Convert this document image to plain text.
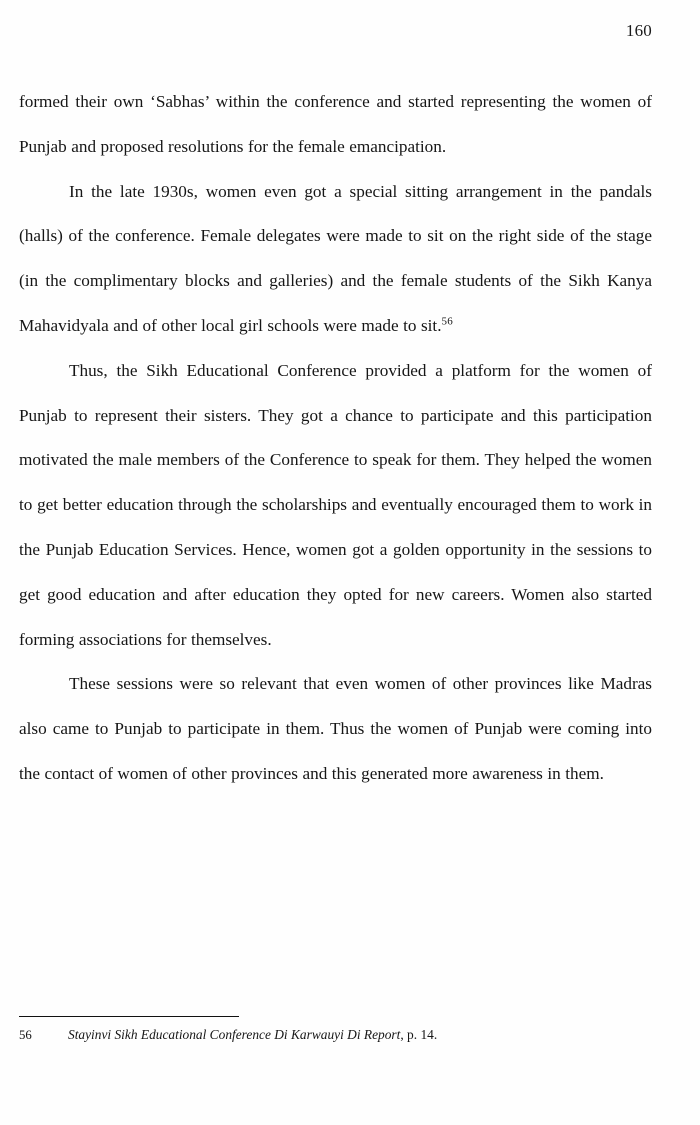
160

formed their own ‘Sabhas’ within the conference and started representing the women of Punjab and proposed resolutions for the female emancipation.

In the late 1930s, women even got a special sitting arrangement in the pandals (halls) of the conference. Female delegates were made to sit on the right side of the stage (in the complimentary blocks and galleries) and the female students of the Sikh Kanya Mahavidyala and of other local girl schools were made to sit.$^{56}$

Thus, the Sikh Educational Conference provided a platform for the women of Punjab to represent their sisters. They got a chance to participate and this participation motivated the male members of the Conference to speak for them. They helped the women to get better education through the scholarships and eventually encouraged them to work in the Punjab Education Services. Hence, women got a golden opportunity in the sessions to get good education and after education they opted for new careers. Women also started forming associations for themselves.

These sessions were so relevant that even women of other provinces like Madras also came to Punjab to participate in them. Thus the women of Punjab were coming into the contact of women of other provinces and this generated more awareness in them.

56	Stayinvi Sikh Educational Conference Di Karwauyi Di Report, p. 14.
